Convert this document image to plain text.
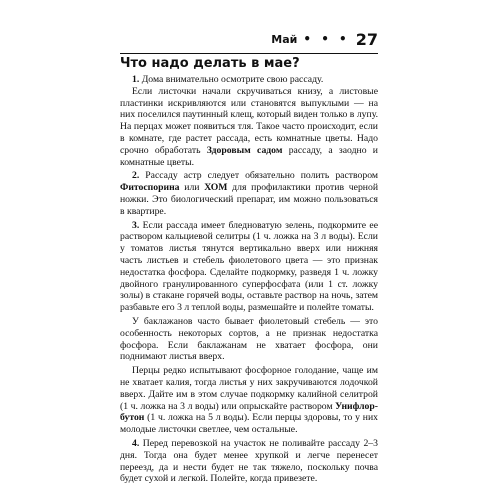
Май • • • 27
Что надо делать в мае?

1. Дома внимательно осмотрите свою рассаду.

Если листочки начали скручиваться книзу, а листовые пластинки искривляются или становятся выпуклыми — на них поселился паутинный клещ, который виден только в лупу. На перцах может появиться тля. Такое часто происходит, если в комнате, где растет рассада, есть комнатные цветы. Надо срочно обработать Здоровым садом рассаду, а заодно и комнатные цветы.

2. Рассаду астр следует обязательно полить раствором Фитоспорина или ХОМ для профилактики против черной ножки. Это биологический препарат, им можно пользоваться в квартире.

3. Если рассада имеет бледноватую зелень, подкормите ее раствором кальциевой селитры (1 ч. ложка на 3 л воды). Если у томатов листья тянутся вертикально вверх или нижняя часть листьев и стебель фиолетового цвета — это признак недостатка фосфора. Сделайте подкормку, разведя 1 ч. ложку двойного гранулированного суперфосфата (или 1 ст. ложку золы) в стакане горячей воды, оставьте раствор на ночь, затем разбавьте его 3 л теплой воды, размешайте и полейте томаты.

У баклажанов часто бывает фиолетовый стебель — это особенность некоторых сортов, а не признак недостатка фосфора. Если баклажанам не хватает фосфора, они поднимают листья вверх.

Перцы редко испытывают фосфорное голодание, чаще им не хватает калия, тогда листья у них закручиваются лодочкой вверх. Дайте им в этом случае подкормку калийной селитрой (1 ч. ложка на 3 л воды) или опрыскайте раствором Унифлор-бутон (1 ч. ложка на 5 л воды). Если перцы здоровы, то у них молодые листочки светлее, чем остальные.

4. Перед перевозкой на участок не поливайте рассаду 2–3 дня. Тогда она будет менее хрупкой и легче перенесет переезд, да и нести будет не так тяжело, поскольку почва будет сухой и легкой. Полейте, когда привезете.
